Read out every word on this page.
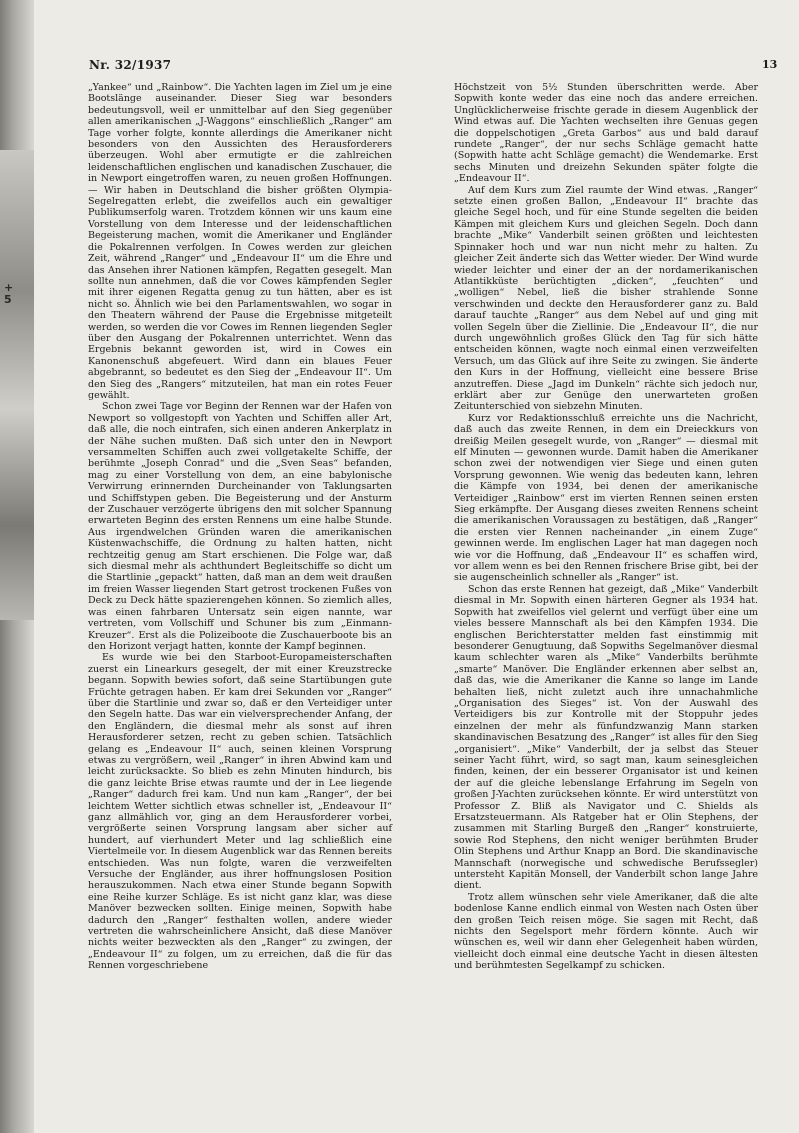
+ 5
Nr. 32/1937	13

„Yankee“ und „Rainbow“. Die Yachten lagen im Ziel um je eine Bootslänge auseinander. Dieser Sieg war besonders bedeutungsvoll, weil er unmittelbar auf den Sieg gegenüber allen amerikanischen „J-Waggons“ einschließlich „Ranger“ am Tage vorher folgte, konnte allerdings die Amerikaner nicht besonders von den Aussichten des Herausforderers überzeugen. Wohl aber ermutigte er die zahlreichen leidenschaftlichen englischen und kanadischen Zuschauer, die in Newport eingetroffen waren, zu neuen großen Hoffnungen. — Wir haben in Deutschland die bisher größten Olympia-Segelregatten erlebt, die zweifellos auch ein gewaltiger Publikumserfolg waren. Trotzdem können wir uns kaum eine Vorstellung von dem Interesse und der leidenschaftlichen Begeisterung machen, womit die Amerikaner und Engländer die Pokalrennen verfolgen. In Cowes werden zur gleichen Zeit, während „Ranger“ und „Endeavour II“ um die Ehre und das Ansehen ihrer Nationen kämpfen, Regatten gesegelt. Man sollte nun annehmen, daß die vor Cowes kämpfenden Segler mit ihrer eigenen Regatta genug zu tun hätten, aber es ist nicht so. Ähnlich wie bei den Parlamentswahlen, wo sogar in den Theatern während der Pause die Ergebnisse mitgeteilt werden, so werden die vor Cowes im Rennen liegenden Segler über den Ausgang der Pokalrennen unterrichtet. Wenn das Ergebnis bekannt geworden ist, wird in Cowes ein Kanonenschuß abgefeuert. Wird dann ein blaues Feuer abgebrannt, so bedeutet es den Sieg der „Endeavour II“. Um den Sieg des „Rangers“ mitzuteilen, hat man ein rotes Feuer gewählt.

Schon zwei Tage vor Beginn der Rennen war der Hafen von Newport so vollgestopft von Yachten und Schiffen aller Art, daß alle, die noch eintrafen, sich einen anderen Ankerplatz in der Nähe suchen mußten. Daß sich unter den in Newport versammelten Schiffen auch zwei vollgetakelte Schiffe, der berühmte „Joseph Conrad“ und die „Sven Seas“ befanden, mag zu einer Vorstellung von dem, an eine babylonische Verwirrung erinnernden Durcheinander von Taklungsarten und Schiffstypen geben. Die Begeisterung und der Ansturm der Zuschauer verzögerte übrigens den mit solcher Spannung erwarteten Beginn des ersten Rennens um eine halbe Stunde. Aus irgendwelchen Gründen waren die amerikanischen Küstenwachschiffe, die Ordnung zu halten hatten, nicht rechtzeitig genug am Start erschienen. Die Folge war, daß sich diesmal mehr als achthundert Begleitschiffe so dicht um die Startlinie „gepackt“ hatten, daß man an dem weit draußen im freien Wasser liegenden Start getrost trockenen Fußes von Deck zu Deck hätte spazierengehen können. So ziemlich alles, was einen fahrbaren Untersatz sein eigen nannte, war vertreten, vom Vollschiff und Schuner bis zum „Einmann-Kreuzer“. Erst als die Polizeiboote die Zuschauerboote bis an den Horizont verjagt hatten, konnte der Kampf beginnen.

Es wurde wie bei den Starboot-Europameisterschaften zuerst ein Linearkurs gesegelt, der mit einer Kreuzstrecke begann. Sopwith bewies sofort, daß seine Startübungen gute Früchte getragen haben. Er kam drei Sekunden vor „Ranger“ über die Startlinie und zwar so, daß er den Verteidiger unter den Segeln hatte. Das war ein vielversprechender Anfang, der den Engländern, die diesmal mehr als sonst auf ihren Herausforderer setzen, recht zu geben schien. Tatsächlich gelang es „Endeavour II“ auch, seinen kleinen Vorsprung etwas zu vergrößern, weil „Ranger“ in ihren Abwind kam und leicht zurücksackte. So blieb es zehn Minuten hindurch, bis die ganz leichte Brise etwas raumte und der in Lee liegende „Ranger“ dadurch frei kam. Und nun kam „Ranger“, der bei leichtem Wetter sichtlich etwas schneller ist, „Endeavour II“ ganz allmählich vor, ging an dem Herausforderer vorbei, vergrößerte seinen Vorsprung langsam aber sicher auf hundert, auf vierhundert Meter und lag schließlich eine Viertelmeile vor. In diesem Augenblick war das Rennen bereits entschieden. Was nun folgte, waren die verzweifelten Versuche der Engländer, aus ihrer hoffnungslosen Position herauszukommen. Nach etwa einer Stunde begann Sopwith eine Reihe kurzer Schläge. Es ist nicht ganz klar, was diese Manöver bezwecken sollten. Einige meinen, Sopwith habe dadurch den „Ranger“ festhalten wollen, andere wieder vertreten die wahrscheinlichere Ansicht, daß diese Manöver nichts weiter bezweckten als den „Ranger“ zu zwingen, der „Endeavour II“ zu folgen, um zu erreichen, daß die für das Rennen vorgeschriebene

Höchstzeit von 5½ Stunden überschritten werde. Aber Sopwith konte weder das eine noch das andere erreichen. Unglücklicherweise frischte gerade in diesem Augenblick der Wind etwas auf. Die Yachten wechselten ihre Genuas gegen die doppelschotigen „Greta Garbos“ aus und bald darauf rundete „Ranger“, der nur sechs Schläge gemacht hatte (Sopwith hatte acht Schläge gemacht) die Wendemarke. Erst sechs Minuten und dreizehn Sekunden später folgte die „Endeavour II“.

Auf dem Kurs zum Ziel raumte der Wind etwas. „Ranger“ setzte einen großen Ballon, „Endeavour II“ brachte das gleiche Segel hoch, und für eine Stunde segelten die beiden Kämpen mit gleichem Kurs und gleichen Segeln. Doch dann brachte „Mike“ Vanderbilt seinen größten und leichtesten Spinnaker hoch und war nun nicht mehr zu halten. Zu gleicher Zeit änderte sich das Wetter wieder. Der Wind wurde wieder leichter und einer der an der nordamerikanischen Atlantikküste berüchtigten „dicken“, „feuchten“ und „wolligen“ Nebel, ließ die bisher strahlende Sonne verschwinden und deckte den Herausforderer ganz zu. Bald darauf tauchte „Ranger“ aus dem Nebel auf und ging mit vollen Segeln über die Ziellinie. Die „Endeavour II“, die nur durch ungewöhnlich großes Glück den Tag für sich hätte entscheiden können, wagte noch einmal einen verzweifelten Versuch, um das Glück auf ihre Seite zu zwingen. Sie änderte den Kurs in der Hoffnung, vielleicht eine bessere Brise anzutreffen. Diese „Jagd im Dunkeln“ rächte sich jedoch nur, erklärt aber zur Genüge den unerwarteten großen Zeitunterschied von siebzehn Minuten.

Kurz vor Redaktionsschluß erreichte uns die Nachricht, daß auch das zweite Rennen, in dem ein Dreieckkurs von dreißig Meilen gesegelt wurde, von „Ranger“ — diesmal mit elf Minuten — gewonnen wurde. Damit haben die Amerikaner schon zwei der notwendigen vier Siege und einen guten Vorsprung gewonnen. Wie wenig das bedeuten kann, lehren die Kämpfe von 1934, bei denen der amerikanische Verteidiger „Rainbow“ erst im vierten Rennen seinen ersten Sieg erkämpfte. Der Ausgang dieses zweiten Rennens scheint die amerikanischen Voraussagen zu bestätigen, daß „Ranger“ die ersten vier Rennen nacheinander „in einem Zuge“ gewinnen werde. Im englischen Lager hat man dagegen noch wie vor die Hoffnung, daß „Endeavour II“ es schaffen wird, vor allem wenn es bei den Rennen frischere Brise gibt, bei der sie augenscheinlich schneller als „Ranger“ ist.

Schon das erste Rennen hat gezeigt, daß „Mike“ Vanderbilt diesmal in Mr. Sopwith einen härteren Gegner als 1934 hat. Sopwith hat zweifellos viel gelernt und verfügt über eine um vieles bessere Mannschaft als bei den Kämpfen 1934. Die englischen Berichterstatter melden fast einstimmig mit besonderer Genugtuung, daß Sopwiths Segelmanöver diesmal kaum schlechter waren als „Mike“ Vanderbilts berühmte „smarte“ Manöver. Die Engländer erkennen aber selbst an, daß das, wie die Amerikaner die Kanne so lange im Lande behalten ließ, nicht zuletzt auch ihre unnachahmliche „Organisation des Sieges“ ist. Von der Auswahl des Verteidigers bis zur Kontrolle mit der Stoppuhr jedes einzelnen der mehr als fünfundzwanzig Mann starken skandinavischen Besatzung des „Ranger“ ist alles für den Sieg „organisiert“. „Mike“ Vanderbilt, der ja selbst das Steuer seiner Yacht führt, wird, so sagt man, kaum seinesgleichen finden, keinen, der ein besserer Organisator ist und keinen der auf die gleiche lebenslange Erfahrung im Segeln von großen J-Yachten zurücksehen könnte. Er wird unterstützt von Professor Z. Bliß als Navigator und C. Shields als Ersatzsteuermann. Als Ratgeber hat er Olin Stephens, der zusammen mit Starling Burgeß den „Ranger“ konstruierte, sowie Rod Stephens, den nicht weniger berühmten Bruder Olin Stephens und Arthur Knapp an Bord. Die skandinavische Mannschaft (norwegische und schwedische Berufssegler) untersteht Kapitän Monsell, der Vanderbilt schon lange Jahre dient.

Trotz allem wünschen sehr viele Amerikaner, daß die alte bodenlose Kanne endlich einmal von Westen nach Osten über den großen Teich reisen möge. Sie sagen mit Recht, daß nichts den Segelsport mehr fördern könnte. Auch wir wünschen es, weil wir dann eher Gelegenheit haben würden, vielleicht doch einmal eine deutsche Yacht in diesen ältesten und berühmtesten Segelkampf zu schicken.
